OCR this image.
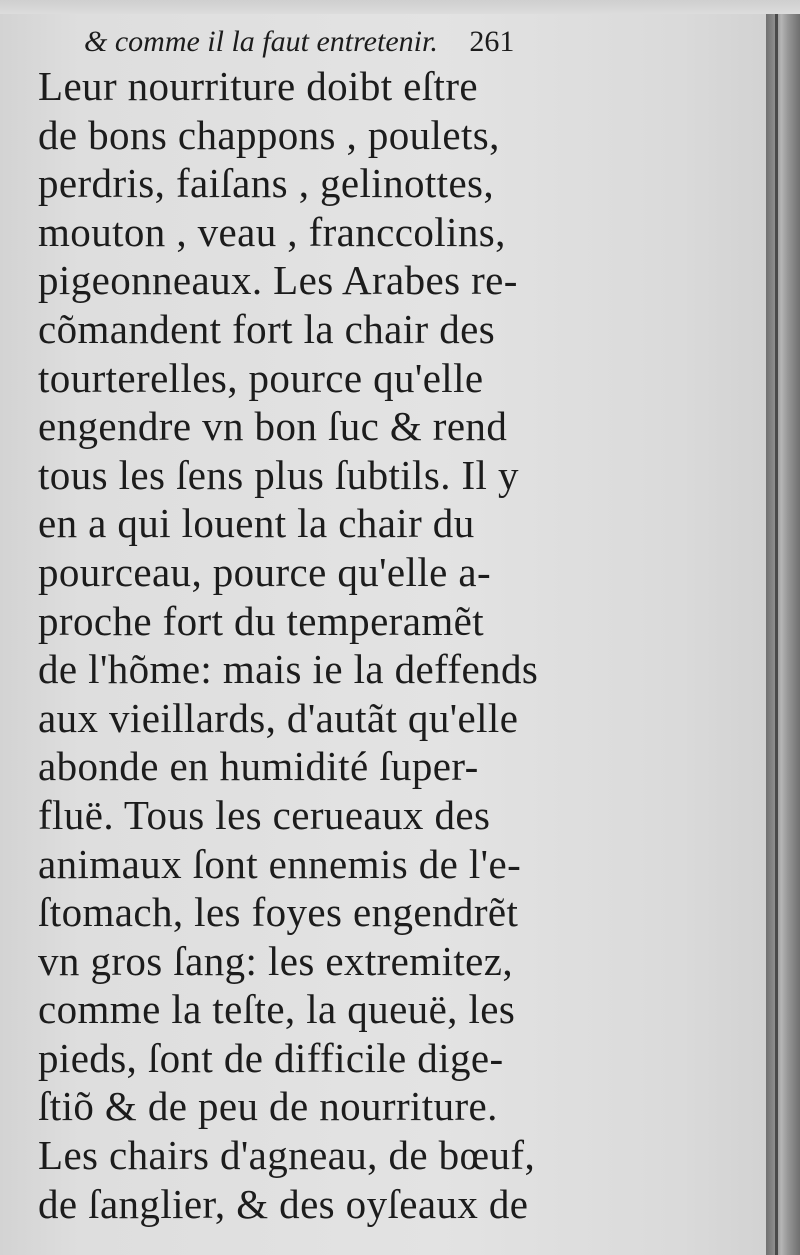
& comme il la faut entretenir. 261
Leur nourriture doibt eſtre
de bons chappons , poulets,
perdris, faiſans , gelinottes,
mouton , veau , franccolins,
pigeonneaux. Les Arabes re-
cõmandent fort la chair des
tourterelles, pource qu'elle
engendre vn bon ſuc & rend
tous les ſens plus ſubtils. Il y
en a qui louent la chair du
pourceau, pource qu'elle a-
proche fort du temperamẽt
de l'hõme: mais ie la deffends
aux vieillards, d'autãt qu'elle
abonde en humidité ſuper-
fluë. Tous les cerueaux des
animaux ſont ennemis de l'e-
ſtomach, les foyes engendrẽt
vn gros ſang: les extremitez,
comme la teſte, la queuë, les
pieds, ſont de difficile dige-
ſtiõ & de peu de nourriture.
Les chairs d'agneau, de bœuf,
de ſanglier, & des oyſeaux de
